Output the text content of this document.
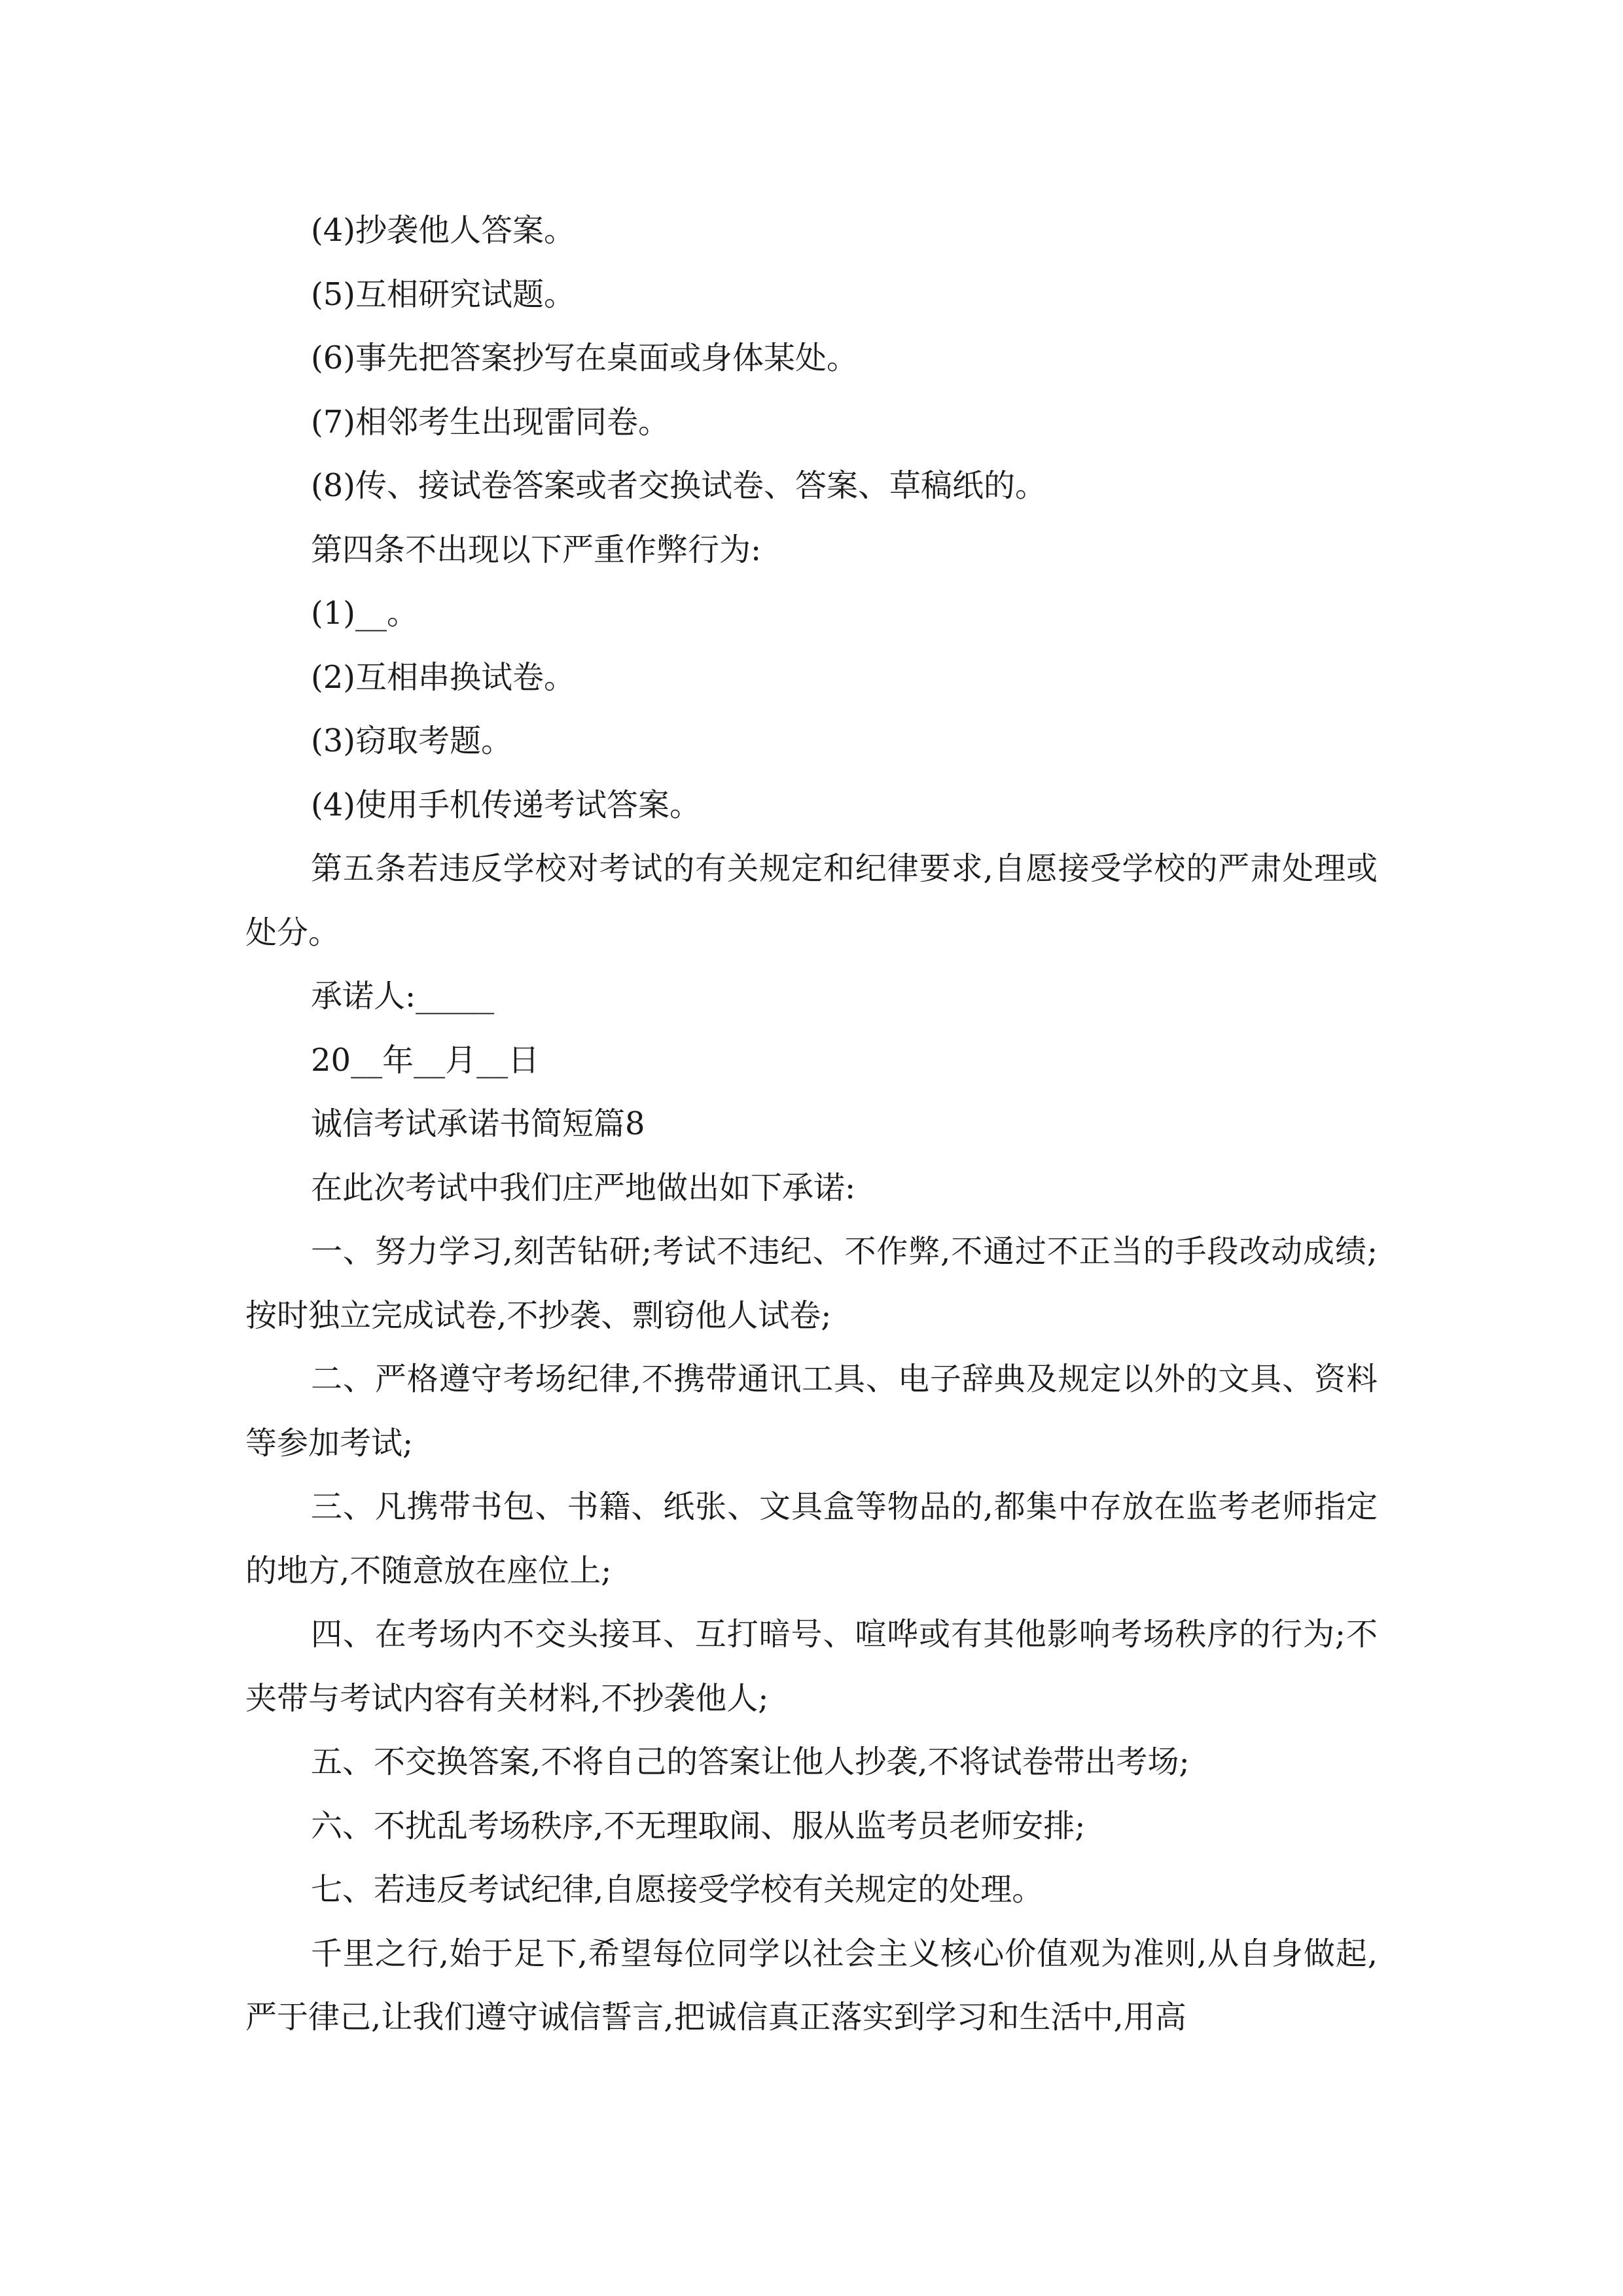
(4)抄袭他人答案。

(5)互相研究试题。

(6)事先把答案抄写在桌面或身体某处。

(7)相邻考生出现雷同卷。

(8)传、接试卷答案或者交换试卷、答案、草稿纸的。

第四条不出现以下严重作弊行为:

(1)__。

(2)互相串换试卷。

(3)窃取考题。

(4)使用手机传递考试答案。

第五条若违反学校对考试的有关规定和纪律要求,自愿接受学校的严肃处理或处分。

承诺人:_____

20__年__月__日

诚信考试承诺书简短篇8

在此次考试中我们庄严地做出如下承诺:

一、努力学习,刻苦钻研;考试不违纪、不作弊,不通过不正当的手段改动成绩;按时独立完成试卷,不抄袭、剽窃他人试卷;

二、严格遵守考场纪律,不携带通讯工具、电子辞典及规定以外的文具、资料等参加考试;

三、凡携带书包、书籍、纸张、文具盒等物品的,都集中存放在监考老师指定的地方,不随意放在座位上;

四、在考场内不交头接耳、互打暗号、喧哗或有其他影响考场秩序的行为;不夹带与考试内容有关材料,不抄袭他人;

五、不交换答案,不将自己的答案让他人抄袭,不将试卷带出考场;

六、不扰乱考场秩序,不无理取闹、服从监考员老师安排;

七、若违反考试纪律,自愿接受学校有关规定的处理。

千里之行,始于足下,希望每位同学以社会主义核心价值观为准则,从自身做起,严于律己,让我们遵守诚信誓言,把诚信真正落实到学习和生活中,用高
